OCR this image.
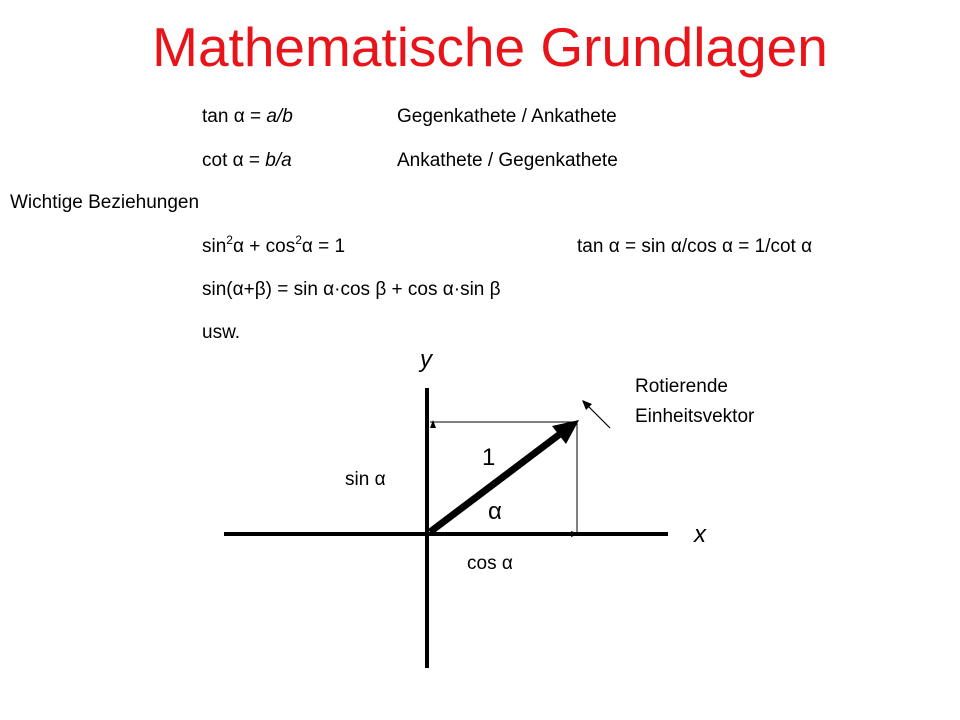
Mathematische Grundlagen
tan α = a/b	Gegenkathete / Ankathete
cot α = b/a	Ankathete / Gegenkathete
Wichtige Beziehungen
$\sin^2\alpha + \cos^2\alpha = 1$	tan α = sin α/cos α = 1/cot α
sin(α+β) = sin α·cos β + cos α·sin β
usw.
y
x
1
α
sin α
cos α
Rotierende
Einheitsvektor
